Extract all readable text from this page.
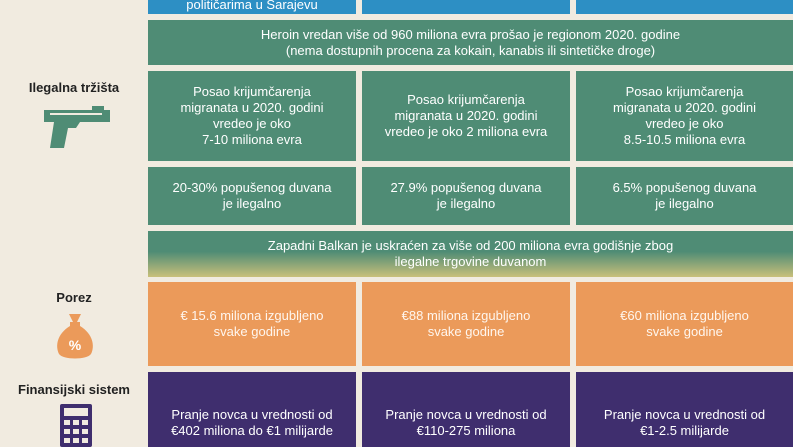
političarima u Sarajevu
Ilegalna tržišta
Heroin vredan više od 960 miliona evra prošao je regionom 2020. godine
(nema dostupnih procena za kokain, kanabis ili sintetičke droge)
Posao krijumčarenja
migranata u 2020. godini
vredeo je oko
7-10 miliona evra
Posao krijumčarenja
migranata u 2020. godini
vredeo je oko 2 miliona evra
Posao krijumčarenja
migranata u 2020. godini
vredeo je oko
8.5-10.5 miliona evra
20-30% popušenog duvana
je ilegalno
27.9% popušenog duvana
je ilegalno
6.5% popušenog duvana
je ilegalno
Zapadni Balkan je uskraćen za više od 200 miliona evra godišnje zbog
ilegalne trgovine duvanom
Porez
%
€ 15.6 miliona izgubljeno
svake godine
€88 miliona izgubljeno
svake godine
€60 miliona izgubljeno
svake godine
Finansijski sistem
Pranje novca u vrednosti od
€402 miliona do €1 milijarde
Pranje novca u vrednosti od
€110-275 miliona
Pranje novca u vrednosti od
€1-2.5 milijarde
